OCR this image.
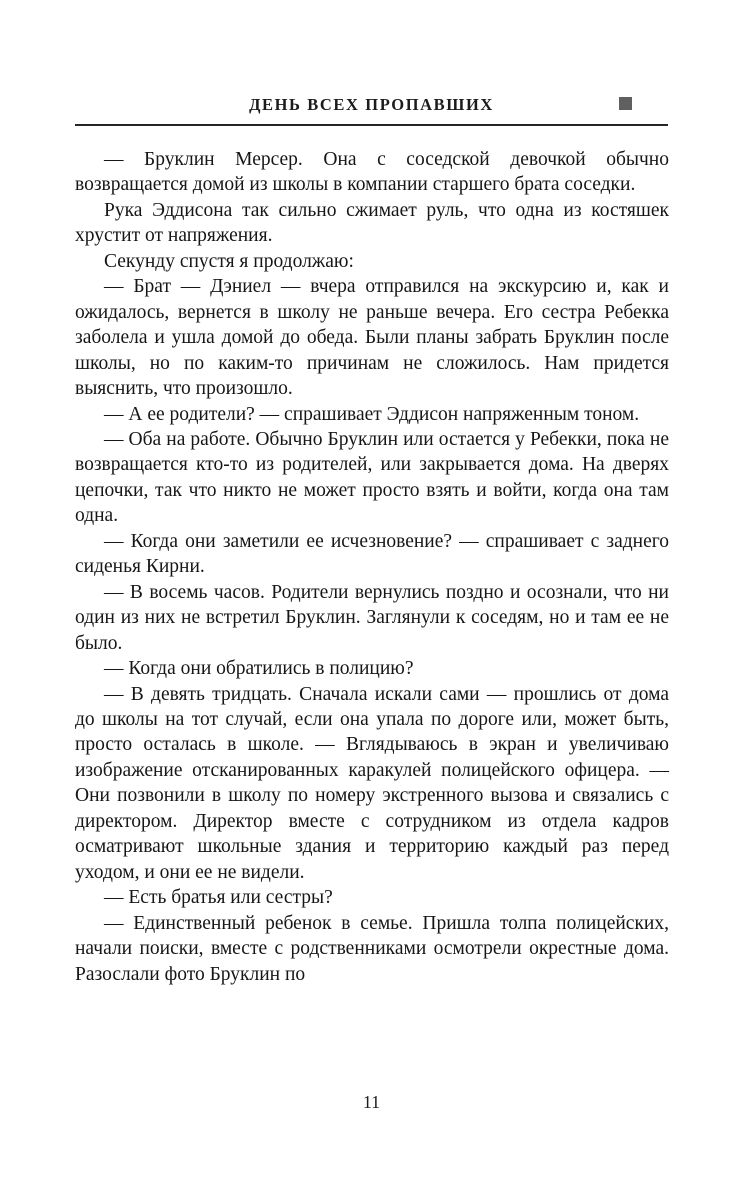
ДЕНЬ ВСЕХ ПРОПАВШИХ

— Бруклин Мерсер. Она с соседской девочкой обычно возвращается домой из школы в компании старшего брата соседки.

Рука Эддисона так сильно сжимает руль, что одна из костяшек хрустит от напряжения.

Секунду спустя я продолжаю:

— Брат — Дэниел — вчера отправился на экскурсию и, как и ожидалось, вернется в школу не раньше вечера. Его сестра Ребекка заболела и ушла домой до обеда. Были планы забрать Бруклин после школы, но по каким-то причинам не сложилось. Нам придется выяснить, что произошло.

— А ее родители? — спрашивает Эддисон напряженным тоном.

— Оба на работе. Обычно Бруклин или остается у Ребекки, пока не возвращается кто-то из родителей, или закрывается дома. На дверях цепочки, так что никто не может просто взять и войти, когда она там одна.

— Когда они заметили ее исчезновение? — спрашивает с заднего сиденья Кирни.

— В восемь часов. Родители вернулись поздно и осознали, что ни один из них не встретил Бруклин. Заглянули к соседям, но и там ее не было.

— Когда они обратились в полицию?

— В девять тридцать. Сначала искали сами — прошлись от дома до школы на тот случай, если она упала по дороге или, может быть, просто осталась в школе. — Вглядываюсь в экран и увеличиваю изображение отсканированных каракулей полицейского офицера. — Они позвонили в школу по номеру экстренного вызова и связались с директором. Директор вместе с сотрудником из отдела кадров осматривают школьные здания и территорию каждый раз перед уходом, и они ее не видели.

— Есть братья или сестры?

— Единственный ребенок в семье. Пришла толпа полицейских, начали поиски, вместе с родственниками осмотрели окрестные дома. Разослали фото Бруклин по

11
